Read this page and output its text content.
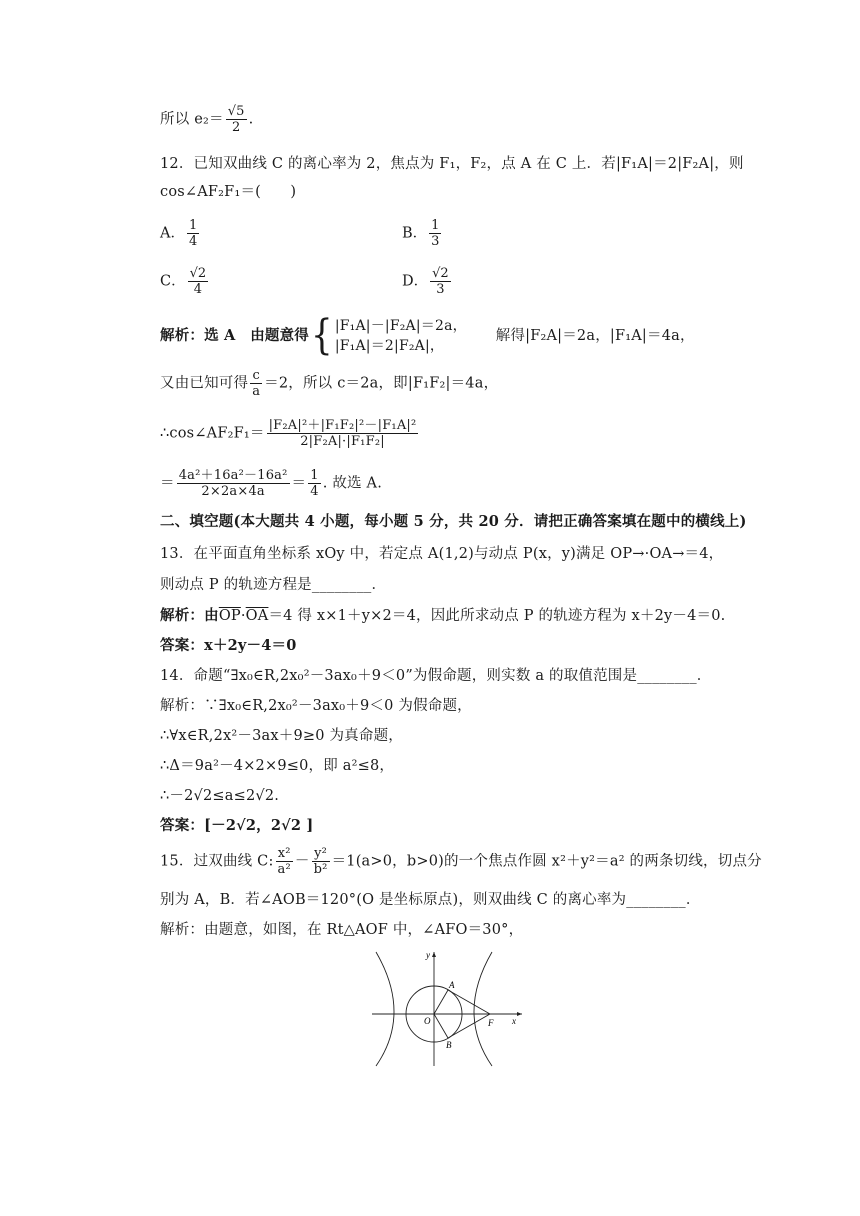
所以 $e_2= \frac{√5}{2}$ .
12．已知双曲线 C 的离心率为 2，焦点为 F₁，F₂，点 A 在 C 上．若|F₁A|＝2|F₂A|，则
cos∠AF₂F₁＝(　　)
A． $\frac{1}{4}$	B． $\frac{1}{3}$
C． $\frac{√2}{4}$	D． $\frac{√2}{3}$
解析：选 A　由题意得{ |F₁A|－|F₂A|＝2a，
|F₁A|＝2|F₂A|，
解得|F₂A|＝2a，|F₁A|＝4a，
又由已知可得 $\frac{c}{a} =2$，所以 c＝2a，即|F₁F₂|＝4a，
∴cos∠AF₂F₁＝ $\frac{\text{|F₂A|²＋|F₁F₂|²－|F₁A|²}}{\text{2|F₂A|·|F₁F₂|}}$
＝ $\frac{\text{4a²＋16a²－16a²}}{2\times 2a\times 4a} = \frac{1}{4}$ . 故选 A.
二、填空题(本大题共 4 小题，每小题 5 分，共 20 分．请把正确答案填在题中的横线上)
13．在平面直角坐标系 xOy 中，若定点 A(1,2)与动点 P(x，y)满足 OP→·OA→＝4，
则动点 P 的轨迹方程是________．
解析：由$\overline{OP}\cdot\overline{OA}=4$ 得 x×1＋y×2＝4，因此所求动点 P 的轨迹方程为 x＋2y－4＝0.
答案：x＋2y－4＝0
14．命题“∃x₀∈R,2x₀²－3ax₀＋9＜0”为假命题，则实数 a 的取值范围是________．
解析：∵∃x₀∈R,2x₀²－3ax₀＋9＜0 为假命题，
∴∀x∈R,2x²－3ax＋9≥0 为真命题，
∴Δ＝9a²－4×2×9≤0，即 a²≤8，
∴－2√2≤a≤2√2.
答案：[－2√2，2√2 ]
15．过双曲线 C: $\frac{\text{x²}}{\text{a²}} - \frac{\text{y²}}{\text{b²}} =1(a>0$，b>0)的一个焦点作圆 x²＋y²＝a² 的两条切线，切点分
别为 A，B．若∠AOB＝120°(O 是坐标原点)，则双曲线 C 的离心率为________．
解析：由题意，如图，在 Rt△AOF 中，∠AFO＝30°，
y
x
O
A
B
F
